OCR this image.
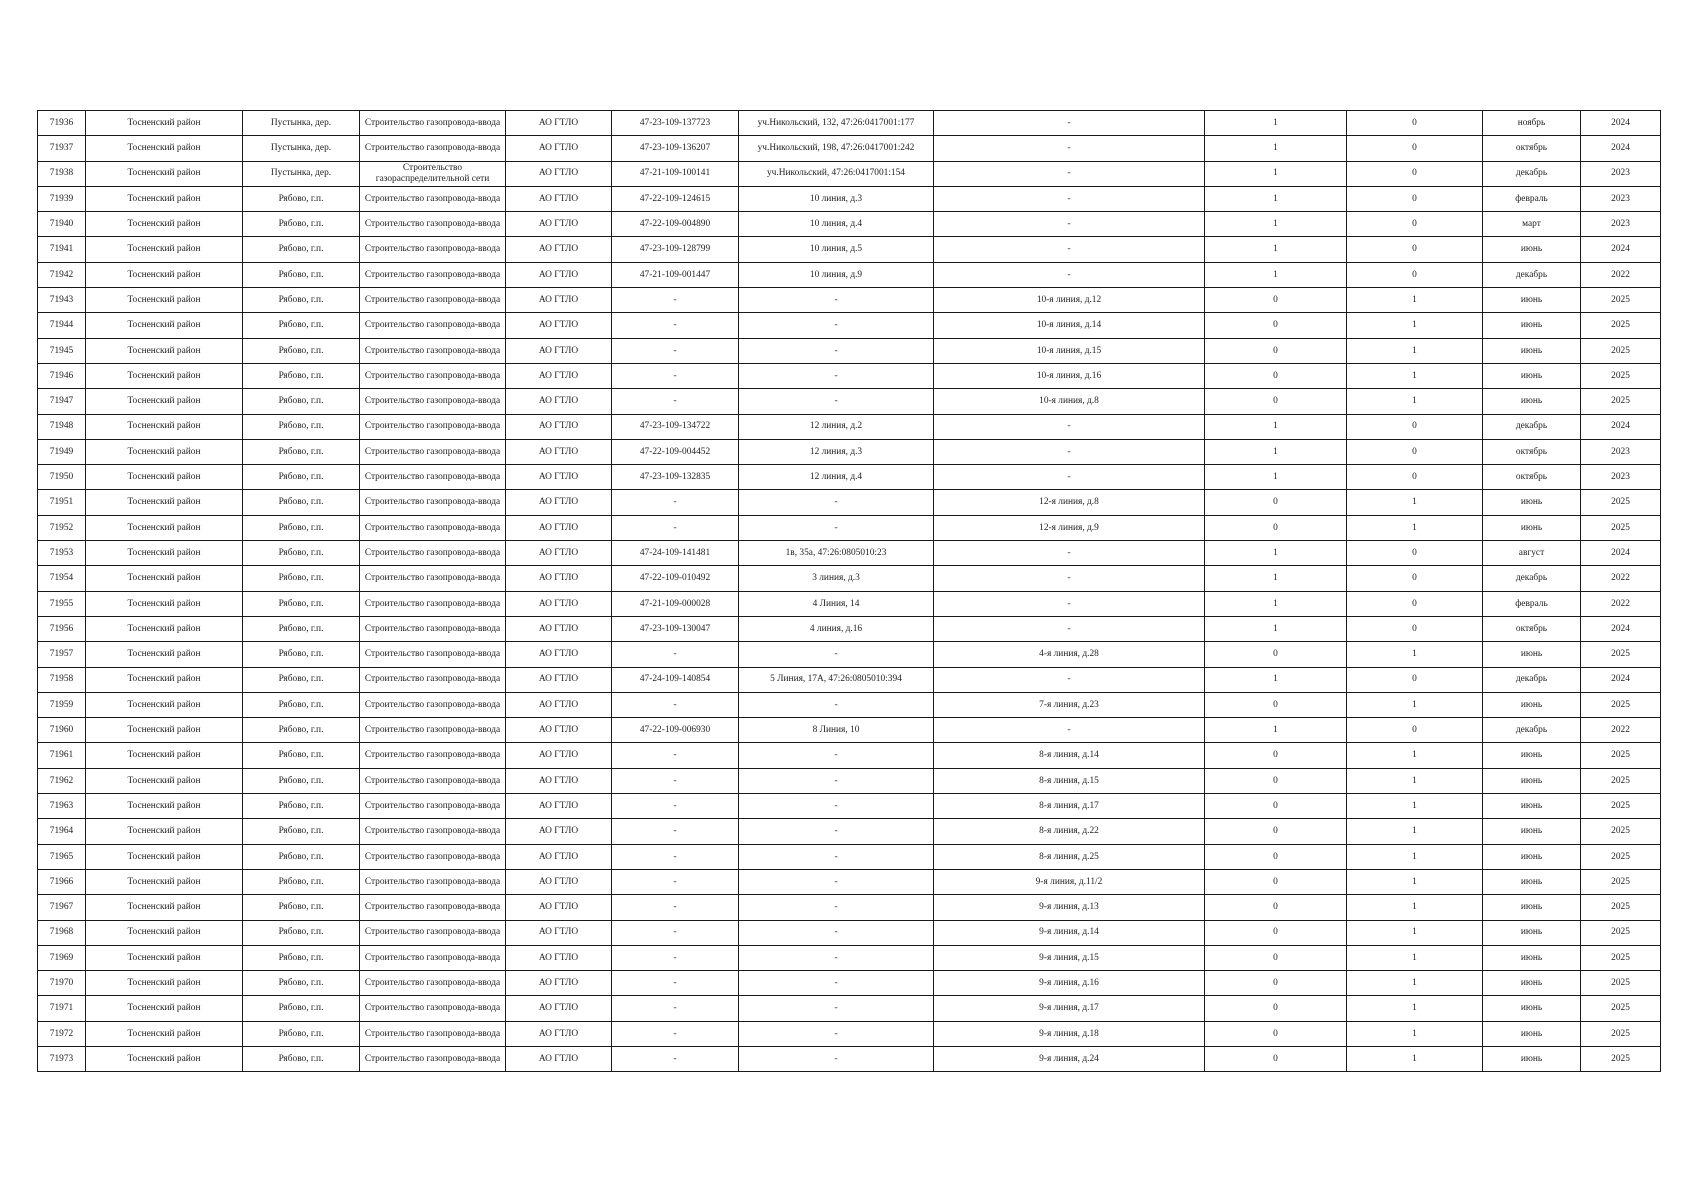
71936	Тосненский район	Пустынка, дер.	Строительство газопровода-ввода	АО ГТЛО	47-23-109-137723	уч.Никольский, 132, 47:26:0417001:177	-	1	0	ноябрь	2024
71937	Тосненский район	Пустынка, дер.	Строительство газопровода-ввода	АО ГТЛО	47-23-109-136207	уч.Никольский, 198, 47:26:0417001:242	-	1	0	октябрь	2024
71938	Тосненский район	Пустынка, дер.	Строительство газораспределительной сети	АО ГТЛО	47-21-109-100141	уч.Никольский, 47:26:0417001:154	-	1	0	декабрь	2023
71939	Тосненский район	Рябово, г.п.	Строительство газопровода-ввода	АО ГТЛО	47-22-109-124615	10 линия, д.3	-	1	0	февраль	2023
71940	Тосненский район	Рябово, г.п.	Строительство газопровода-ввода	АО ГТЛО	47-22-109-004890	10 линия, д.4	-	1	0	март	2023
71941	Тосненский район	Рябово, г.п.	Строительство газопровода-ввода	АО ГТЛО	47-23-109-128799	10 линия, д.5	-	1	0	июнь	2024
71942	Тосненский район	Рябово, г.п.	Строительство газопровода-ввода	АО ГТЛО	47-21-109-001447	10 линия, д.9	-	1	0	декабрь	2022
71943	Тосненский район	Рябово, г.п.	Строительство газопровода-ввода	АО ГТЛО	-	-	10-я линия, д.12	0	1	июнь	2025
71944	Тосненский район	Рябово, г.п.	Строительство газопровода-ввода	АО ГТЛО	-	-	10-я линия, д.14	0	1	июнь	2025
71945	Тосненский район	Рябово, г.п.	Строительство газопровода-ввода	АО ГТЛО	-	-	10-я линия, д.15	0	1	июнь	2025
71946	Тосненский район	Рябово, г.п.	Строительство газопровода-ввода	АО ГТЛО	-	-	10-я линия, д.16	0	1	июнь	2025
71947	Тосненский район	Рябово, г.п.	Строительство газопровода-ввода	АО ГТЛО	-	-	10-я линия, д.8	0	1	июнь	2025
71948	Тосненский район	Рябово, г.п.	Строительство газопровода-ввода	АО ГТЛО	47-23-109-134722	12 линия, д.2	-	1	0	декабрь	2024
71949	Тосненский район	Рябово, г.п.	Строительство газопровода-ввода	АО ГТЛО	47-22-109-004452	12 линия, д.3	-	1	0	октябрь	2023
71950	Тосненский район	Рябово, г.п.	Строительство газопровода-ввода	АО ГТЛО	47-23-109-132835	12 линия, д.4	-	1	0	октябрь	2023
71951	Тосненский район	Рябово, г.п.	Строительство газопровода-ввода	АО ГТЛО	-	-	12-я линия, д.8	0	1	июнь	2025
71952	Тосненский район	Рябово, г.п.	Строительство газопровода-ввода	АО ГТЛО	-	-	12-я линия, д.9	0	1	июнь	2025
71953	Тосненский район	Рябово, г.п.	Строительство газопровода-ввода	АО ГТЛО	47-24-109-141481	1в, 35а, 47:26:0805010:23	-	1	0	август	2024
71954	Тосненский район	Рябово, г.п.	Строительство газопровода-ввода	АО ГТЛО	47-22-109-010492	3 линия, д.3	-	1	0	декабрь	2022
71955	Тосненский район	Рябово, г.п.	Строительство газопровода-ввода	АО ГТЛО	47-21-109-000028	4 Линия, 14	-	1	0	февраль	2022
71956	Тосненский район	Рябово, г.п.	Строительство газопровода-ввода	АО ГТЛО	47-23-109-130047	4 линия, д.16	-	1	0	октябрь	2024
71957	Тосненский район	Рябово, г.п.	Строительство газопровода-ввода	АО ГТЛО	-	-	4-я линия, д.28	0	1	июнь	2025
71958	Тосненский район	Рябово, г.п.	Строительство газопровода-ввода	АО ГТЛО	47-24-109-140854	5 Линия, 17А, 47:26:0805010:394	-	1	0	декабрь	2024
71959	Тосненский район	Рябово, г.п.	Строительство газопровода-ввода	АО ГТЛО	-	-	7-я линия, д.23	0	1	июнь	2025
71960	Тосненский район	Рябово, г.п.	Строительство газопровода-ввода	АО ГТЛО	47-22-109-006930	8 Линия, 10	-	1	0	декабрь	2022
71961	Тосненский район	Рябово, г.п.	Строительство газопровода-ввода	АО ГТЛО	-	-	8-я линия, д.14	0	1	июнь	2025
71962	Тосненский район	Рябово, г.п.	Строительство газопровода-ввода	АО ГТЛО	-	-	8-я линия, д.15	0	1	июнь	2025
71963	Тосненский район	Рябово, г.п.	Строительство газопровода-ввода	АО ГТЛО	-	-	8-я линия, д.17	0	1	июнь	2025
71964	Тосненский район	Рябово, г.п.	Строительство газопровода-ввода	АО ГТЛО	-	-	8-я линия, д.22	0	1	июнь	2025
71965	Тосненский район	Рябово, г.п.	Строительство газопровода-ввода	АО ГТЛО	-	-	8-я линия, д.25	0	1	июнь	2025
71966	Тосненский район	Рябово, г.п.	Строительство газопровода-ввода	АО ГТЛО	-	-	9-я линия, д.11/2	0	1	июнь	2025
71967	Тосненский район	Рябово, г.п.	Строительство газопровода-ввода	АО ГТЛО	-	-	9-я линия, д.13	0	1	июнь	2025
71968	Тосненский район	Рябово, г.п.	Строительство газопровода-ввода	АО ГТЛО	-	-	9-я линия, д.14	0	1	июнь	2025
71969	Тосненский район	Рябово, г.п.	Строительство газопровода-ввода	АО ГТЛО	-	-	9-я линия, д.15	0	1	июнь	2025
71970	Тосненский район	Рябово, г.п.	Строительство газопровода-ввода	АО ГТЛО	-	-	9-я линия, д.16	0	1	июнь	2025
71971	Тосненский район	Рябово, г.п.	Строительство газопровода-ввода	АО ГТЛО	-	-	9-я линия, д.17	0	1	июнь	2025
71972	Тосненский район	Рябово, г.п.	Строительство газопровода-ввода	АО ГТЛО	-	-	9-я линия, д.18	0	1	июнь	2025
71973	Тосненский район	Рябово, г.п.	Строительство газопровода-ввода	АО ГТЛО	-	-	9-я линия, д.24	0	1	июнь	2025
